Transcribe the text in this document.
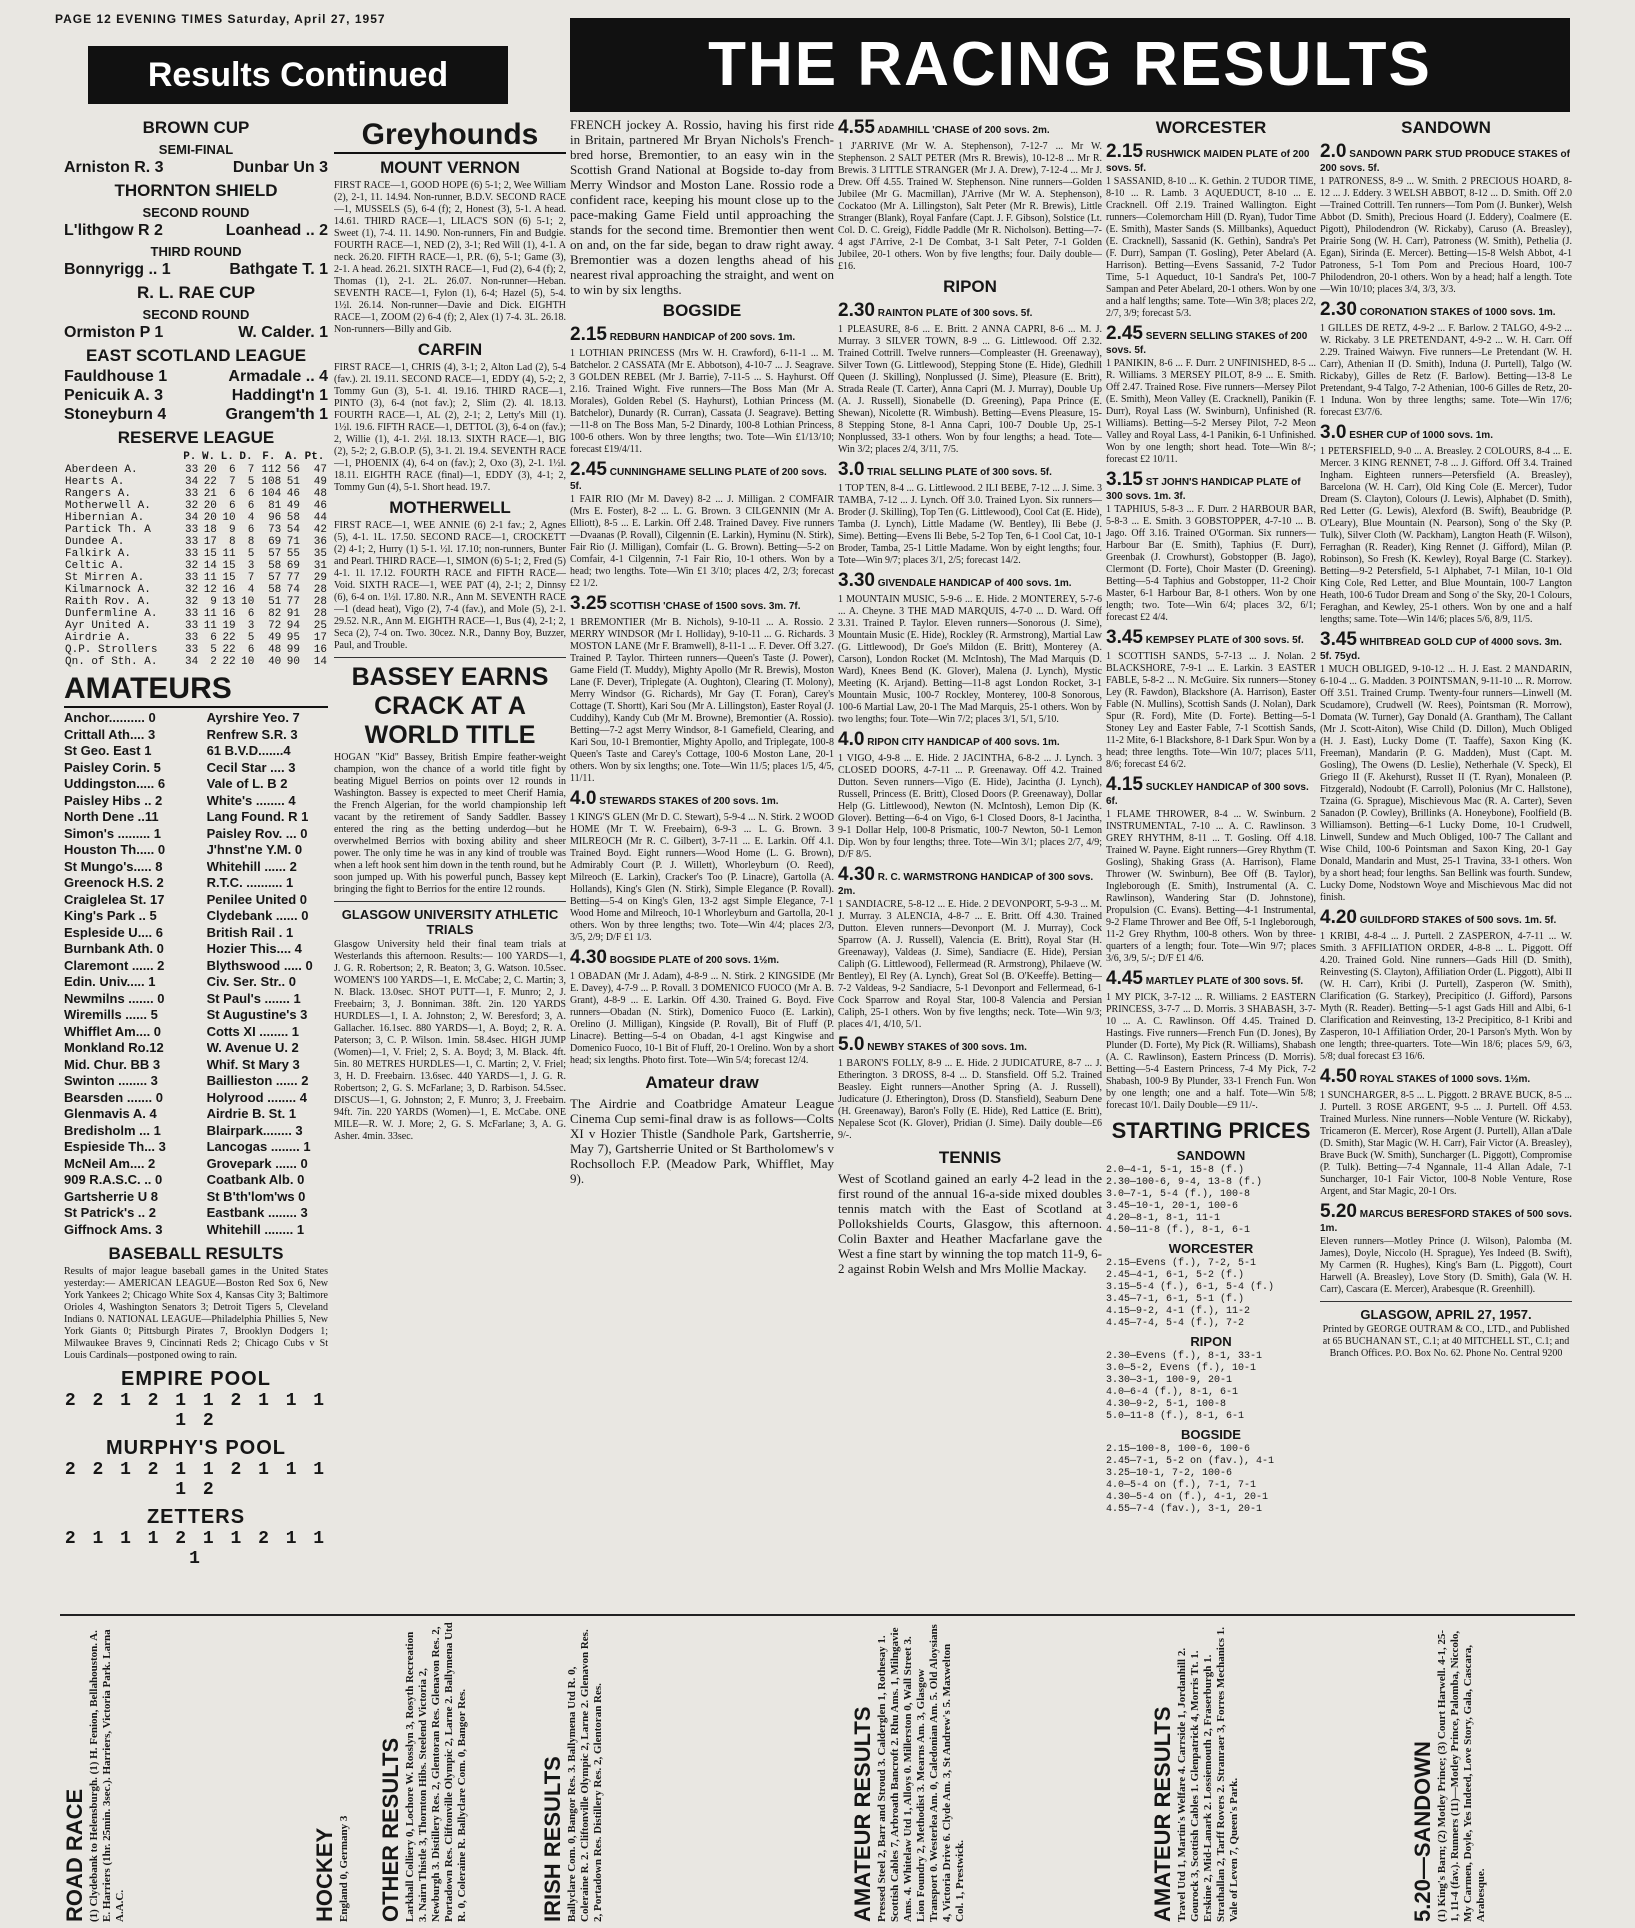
PAGE 12 EVENING TIMES Saturday, April 27, 1957
Results Continued	THE RACING RESULTS
BROWN CUP
SEMI-FINAL
Arniston R. 3	Dunbar Un 3
THORNTON SHIELD
SECOND ROUND
L'lithgow R 2	Loanhead .. 2
THIRD ROUND
Bonnyrigg .. 1	Bathgate T. 1
R. L. RAE CUP
SECOND ROUND
Ormiston P 1	W. Calder. 1
EAST SCOTLAND LEAGUE
Fauldhouse 1	Armadale .. 4
Penicuik A. 3	Haddingt'n 1
Stoneyburn 4	Grangem'th 1
RESERVE LEAGUE
	P.	W.	L.	D.	F.	A.	Pt.
Aberdeen A.	33	20	6	7	112	56	47
Hearts A.	34	22	7	5	108	51	49
Rangers A.	33	21	6	6	104	46	48
Motherwell A.	32	20	6	6	81	49	46
Hibernian A.	34	20	10	4	96	58	44
Partick Th. A	33	18	9	6	73	54	42
Dundee A.	33	17	8	8	69	71	36
Falkirk A.	33	15	11	5	57	55	35
Celtic A.	32	14	15	3	58	69	31
St Mirren A.	33	11	15	7	57	77	29
Kilmarnock A.	32	12	16	4	58	74	28
Raith Rov. A.	32	9	13	10	51	77	28
Dunfermline A.	33	11	16	6	82	91	28
Ayr United A.	33	11	19	3	72	94	25
Airdrie A.	33	6	22	5	49	95	17
Q.P. Strollers	33	5	22	6	48	99	16
Qn. of Sth. A.	34	2	22	10	40	90	14
AMATEURS
Anchor.......... 0	Ayrshire Yeo. 7
Crittall Ath.... 3	Renfrew S.R. 3
St Geo. East 1	61 B.V.D.......4
Paisley Corin. 5	Cecil Star .... 3
Uddingston..... 6	Vale of L. B 2
Paisley Hibs .. 2	White's ........ 4
North Dene ..11	Lang Found. R 1
Simon's ......... 1	Paisley Rov. ... 0
Houston Th..... 0	J'hnst'ne Y.M. 0
St Mungo's..... 8	Whitehill ...... 2
Greenock H.S. 2	R.T.C. .......... 1
Craiglelea St. 17	Penilee United 0
King's Park .. 5	Clydebank ...... 0
Espleside U.... 6	British Rail . 1
Burnbank Ath. 0	Hozier This.... 4
Claremont ...... 2	Blythswood ..... 0
Edin. Univ..... 1	Civ. Ser. Str.. 0
Newmilns ....... 0	St Paul's ....... 1
Wiremills ...... 5	St Augustine's 3
Whifflet Am.... 0	Cotts XI ........ 1
Monkland Ro.12	W. Avenue U. 2
Mid. Chur. BB 3	Whif. St Mary 3
Swinton ........ 3	Baillieston ...... 2
Bearsden ....... 0	Holyrood ........ 4
Glenmavis A. 4	Airdrie B. St. 1
Bredisholm ... 1	Blairpark........ 3
Espieside Th... 3	Lancogas ........ 1
McNeil Am.... 2	Grovepark ...... 0
909 R.A.S.C. .. 0	Coatbank Alb. 0
Gartsherrie U 8	St B'th'lom'ws 0
St Patrick's .. 2	Eastbank ........ 3
Giffnock Ams. 3	Whitehill ........ 1
BASEBALL RESULTS
Results of major league baseball games in the United States yesterday:— AMERICAN LEAGUE—Boston Red Sox 6, New York Yankees 2; Chicago White Sox 4, Kansas City 3; Baltimore Orioles 4, Washington Senators 3; Detroit Tigers 5, Cleveland Indians 0. NATIONAL LEAGUE—Philadelphia Phillies 5, New York Giants 0; Pittsburgh Pirates 7, Brooklyn Dodgers 1; Milwaukee Braves 9, Cincinnati Reds 2; Chicago Cubs v St Louis Cardinals—postponed owing to rain.
EMPIRE POOL
2 2 1 2 1 1 2 1 1 1 1 2
MURPHY'S POOL
2 2 1 2 1 1 2 1 1 1 1 2
ZETTERS
2 1 1 1 2 1 1 2 1 1 1
Greyhounds
MOUNT VERNON
FIRST RACE—1, GOOD HOPE (6) 5-1; 2, Wee William (2), 2-1, 11. 14.94. Non-runner, B.D.V. SECOND RACE—1, MUSSELS (5), 6-4 (f); 2, Honest (3), 5-1. A head. 14.61. THIRD RACE—1, LILAC'S SON (6) 5-1; 2, Sweet (1), 7-4. 11. 14.90. Non-runners, Fin and Budgie. FOURTH RACE—1, NED (2), 3-1; Red Will (1), 4-1. A neck. 26.20. FIFTH RACE—1, P.R. (6), 5-1; Game (3), 2-1. A head. 26.21. SIXTH RACE—1, Fud (2), 6-4 (f); 2, Thomas (1), 2-1. 2L. 26.07. Non-runner—Heban. SEVENTH RACE—1, Fylon (1), 6-4; Hazel (5), 5-4. 1½l. 26.14. Non-runner—Davie and Dick. EIGHTH RACE—1, ZOOM (2) 6-4 (f); 2, Alex (1) 7-4. 3L. 26.18. Non-runners—Billy and Gib.
CARFIN
FIRST RACE—1, CHRIS (4), 3-1; 2, Alton Lad (2), 5-4 (fav.). 2l. 19.11. SECOND RACE—1, EDDY (4), 5-2; 2, Tommy Gun (3), 5-1. 4l. 19.16. THIRD RACE—1, PINTO (3), 6-4 (not fav.); 2, Slim (2). 4l. 18.13. FOURTH RACE—1, AL (2), 2-1; 2, Letty's Mill (1). 1½l. 19.6. FIFTH RACE—1, DETTOL (3), 6-4 on (fav.); 2, Willie (1), 4-1. 2½l. 18.13. SIXTH RACE—1, BIG (2), 5-2; 2, G.B.O.P. (5), 3-1. 2l. 19.4. SEVENTH RACE—1, PHOENIX (4), 6-4 on (fav.); 2, Oxo (3), 2-1. 1½l. 18.11. EIGHTH RACE (final)—1, EDDY (3), 4-1; 2, Tommy Gun (4), 5-1. Short head. 19.7.
MOTHERWELL
FIRST RACE—1, WEE ANNIE (6) 2-1 fav.; 2, Agnes (5), 4-1. 1L. 17.50. SECOND RACE—1, CROCKETT (2) 4-1; 2, Hurry (1) 5-1. ½l. 17.10; non-runners, Bunter and Pearl. THIRD RACE—1, SIMON (6) 5-1; 2, Fred (5) 4-1. 1l. 17.12. FOURTH RACE and FIFTH RACE—Void. SIXTH RACE—1, WEE PAT (4), 2-1; 2, Dinnsy (6), 6-4 on. 1½l. 17.80. N.R., Ann M. SEVENTH RACE—1 (dead heat), Vigo (2), 7-4 (fav.), and Mole (5), 2-1. 29.52. N.R., Ann M. EIGHTH RACE—1, Bus (4), 2-1; 2, Seca (2), 7-4 on. Two. 30cez. N.R., Danny Boy, Buzzer, Paul, and Trouble.
BASSEY EARNS CRACK AT A WORLD TITLE
HOGAN "Kid" Bassey, British Empire feather-weight champion, won the chance of a world title fight by beating Miguel Berrios on points over 12 rounds in Washington. Bassey is expected to meet Cherif Hamia, the French Algerian, for the world championship left vacant by the retirement of Sandy Saddler. Bassey entered the ring as the betting underdog—but he overwhelmed Berrios with boxing ability and sheer power. The only time he was in any kind of trouble was when a left hook sent him down in the tenth round, but he soon jumped up. With his powerful punch, Bassey kept bringing the fight to Berrios for the entire 12 rounds.
GLASGOW UNIVERSITY ATHLETIC TRIALS
Glasgow University held their final team trials at Westerlands this afternoon. Results:— 100 YARDS—1, J. G. R. Robertson; 2, R. Beaton; 3, G. Watson. 10.5sec. WOMEN'S 100 YARDS—1, E. McCabe; 2, C. Martin; 3, N. Black. 13.0sec. SHOT PUTT—1, F. Munro; 2, J. Freebairn; 3, J. Bonniman. 38ft. 2in. 120 YARDS HURDLES—1, I. A. Johnston; 2, W. Beresford; 3, A. Gallacher. 16.1sec. 880 YARDS—1, A. Boyd; 2, R. A. Paterson; 3, C. P. Wilson. 1min. 58.4sec. HIGH JUMP (Women)—1, V. Friel; 2, S. A. Boyd; 3, M. Black. 4ft. 5in. 80 METRES HURDLES—1, C. Martin; 2, V. Friel; 3, H. D. Freebairn. 13.6sec. 440 YARDS—1, J. G. R. Robertson; 2, G. S. McFarlane; 3, D. Rarbison. 54.5sec. DISCUS—1, G. Johnston; 2, F. Munro; 3, J. Freebairn. 94ft. 7in. 220 YARDS (Women)—1, E. McCabe. ONE MILE—R. W. J. More; 2, G. S. McFarlane; 3, A. G. Asher. 4min. 33sec.
FRENCH jockey A. Rossio, having his first ride in Britain, partnered Mr Bryan Nichols's French-bred horse, Bremontier, to an easy win in the Scottish Grand National at Bogside to-day from Merry Windsor and Moston Lane. Rossio rode a confident race, keeping his mount close up to the pace-making Game Field until approaching the stands for the second time. Bremontier then went on and, on the far side, began to draw right away. Bremontier was a dozen lengths ahead of his nearest rival approaching the straight, and went on to win by six lengths.
BOGSIDE
2.15 REDBURN HANDICAP of 200 sovs. 1m.
1 LOTHIAN PRINCESS (Mrs W. H. Crawford), 6-11-1 ... M. Batchelor. 2 CASSATA (Mr E. Abbotson), 4-10-7 ... J. Seagrave. 3 GOLDEN REBEL (Mr J. Barrie), 7-11-5 ... S. Hayhurst. Off 2.16. Trained Wight. Five runners—The Boss Man (Mr A. Morales), Golden Rebel (S. Hayhurst), Lothian Princess (M. Batchelor), Dunardy (R. Curran), Cassata (J. Seagrave). Betting—11-8 on The Boss Man, 5-2 Dinardy, 100-8 Lothian Princess, 100-6 others. Won by three lengths; two. Tote—Win £1/13/10; forecast £19/4/11.
2.45 CUNNINGHAME SELLING PLATE of 200 sovs. 5f.
1 FAIR RIO (Mr M. Davey) 8-2 ... J. Milligan. 2 COMFAIR (Mrs E. Foster), 8-2 ... L. G. Brown. 3 CILGENNIN (Mr A. Elliott), 8-5 ... E. Larkin. Off 2.48. Trained Davey. Five runners—Dvaanas (P. Rovall), Cilgennin (E. Larkin), Hyminu (N. Stirk), Fair Rio (J. Milligan), Comfair (L. G. Brown). Betting—5-2 on Comfair, 4-1 Cilgennin, 7-1 Fair Rio, 10-1 others. Won by a head; two lengths. Tote—Win £1 3/10; places 4/2, 2/3; forecast £2 1/2.
3.25 SCOTTISH 'CHASE of 1500 sovs. 3m. 7f.
1 BREMONTIER (Mr B. Nichols), 9-10-11 ... A. Rossio. 2 MERRY WINDSOR (Mr I. Holliday), 9-10-11 ... G. Richards. 3 MOSTON LANE (Mr F. Bramwell), 8-11-1 ... F. Dever. Off 3.27. Trained P. Taylor. Thirteen runners—Queen's Taste (J. Power), Game Field (T. Muddy), Mighty Apollo (Mr R. Brewis), Moston Lane (F. Dever), Triplegate (A. Oughton), Clearing (T. Molony), Merry Windsor (G. Richards), Mr Gay (T. Foran), Carey's Cottage (T. Shortt), Kari Sou (Mr A. Lillingston), Easter Royal (J. Cuddihy), Kandy Cub (Mr M. Browne), Bremontier (A. Rossio). Betting—7-2 agst Merry Windsor, 8-1 Gamefield, Clearing, and Kari Sou, 10-1 Bremontier, Mighty Apollo, and Triplegate, 100-8 Queen's Taste and Carey's Cottage, 100-6 Moston Lane, 20-1 others. Won by six lengths; one. Tote—Win 11/5; places 1/5, 4/5, 11/11.
4.0 STEWARDS STAKES of 200 sovs. 1m.
1 KING'S GLEN (Mr D. C. Stewart), 5-9-4 ... N. Stirk. 2 WOOD HOME (Mr T. W. Freebairn), 6-9-3 ... L. G. Brown. 3 MILREOCH (Mr R. C. Gilbert), 3-7-11 ... E. Larkin. Off 4.1. Trained Boyd. Eight runners—Wood Home (L. G. Brown), Admirably Court (P. J. Willett), Whorleyburn (O. Reed), Milreoch (E. Larkin), Cracker's Too (P. Linacre), Gartolla (A. Hollands), King's Glen (N. Stirk), Simple Elegance (P. Rovall). Betting—5-4 on King's Glen, 13-2 agst Simple Elegance, 7-1 Wood Home and Milreoch, 10-1 Whorleyburn and Gartolla, 20-1 others. Won by three lengths; two. Tote—Win 4/4; places 2/3, 3/5, 2/9; D/F £1 1/3.
4.30 BOGSIDE PLATE of 200 sovs. 1½m.
1 OBADAN (Mr J. Adam), 4-8-9 ... N. Stirk. 2 KINGSIDE (Mr E. Davey), 4-7-9 ... P. Rovall. 3 DOMENICO FUOCO (Mr A. B. Grant), 4-8-9 ... E. Larkin. Off 4.30. Trained G. Boyd. Five runners—Obadan (N. Stirk), Domenico Fuoco (E. Larkin), Orelino (J. Milligan), Kingside (P. Rovall), Bit of Fluff (P. Linacre). Betting—5-4 on Obadan, 4-1 agst Kingwise and Domenico Fuoco, 10-1 Bit of Fluff, 20-1 Orelino. Won by a short head; six lengths. Photo first. Tote—Win 5/4; forecast 12/4.
Amateur draw
The Airdrie and Coatbridge Amateur League Cinema Cup semi-final draw is as follows—Colts XI v Hozier Thistle (Sandhole Park, Gartsherrie, May 7), Gartsherrie United or St Bartholomew's v Rochsolloch F.P. (Meadow Park, Whifflet, May 9).
4.55 ADAMHILL 'CHASE of 200 sovs. 2m.
1 J'ARRIVE (Mr W. A. Stephenson), 7-12-7 ... Mr W. Stephenson. 2 SALT PETER (Mrs R. Brewis), 10-12-8 ... Mr R. Brewis. 3 LITTLE STRANGER (Mr J. A. Drew), 7-12-4 ... Mr J. Drew. Off 4.55. Trained W. Stephenson. Nine runners—Golden Jubilee (Mr G. Macmillan), J'Arrive (Mr W. A. Stephenson), Cockatoo (Mr A. Lillingston), Salt Peter (Mr R. Brewis), Little Stranger (Blank), Royal Fanfare (Capt. J. F. Gibson), Solstice (Lt. Col. D. C. Greig), Fiddle Paddle (Mr R. Nicholson). Betting—7-4 agst J'Arrive, 2-1 De Combat, 3-1 Salt Peter, 7-1 Golden Jubilee, 20-1 others. Won by five lengths; four. Daily double—£16.
RIPON
2.30 RAINTON PLATE of 300 sovs. 5f.
1 PLEASURE, 8-6 ... E. Britt. 2 ANNA CAPRI, 8-6 ... M. J. Murray. 3 SILVER TOWN, 8-9 ... G. Littlewood. Off 2.32. Trained Cottrill. Twelve runners—Compleaster (H. Greenaway), Silver Town (G. Littlewood), Stepping Stone (E. Hide), Gledhill Queen (J. Skilling), Nonplussed (J. Sime), Pleasure (E. Britt), Strada Reale (T. Carter), Anna Capri (M. J. Murray), Double Up (A. J. Russell), Sionabelle (D. Greening), Papa Prince (E. Shewan), Nicolette (R. Wimbush). Betting—Evens Pleasure, 15-8 Stepping Stone, 8-1 Anna Capri, 100-7 Double Up, 25-1 Nonplussed, 33-1 others. Won by four lengths; a head. Tote—Win 3/2; places 2/4, 3/11, 7/5.
3.0 TRIAL SELLING PLATE of 300 sovs. 5f.
1 TOP TEN, 8-4 ... G. Littlewood. 2 ILI BEBE, 7-12 ... J. Sime. 3 TAMBA, 7-12 ... J. Lynch. Off 3.0. Trained Lyon. Six runners—Broder (J. Skilling), Top Ten (G. Littlewood), Cool Cat (E. Hide), Tamba (J. Lynch), Little Madame (W. Bentley), Ili Bebe (J. Sime). Betting—Evens Ili Bebe, 5-2 Top Ten, 6-1 Cool Cat, 10-1 Broder, Tamba, 25-1 Little Madame. Won by eight lengths; four. Tote—Win 9/7; places 3/1, 2/5; forecast 14/2.
3.30 GIVENDALE HANDICAP of 400 sovs. 1m.
1 MOUNTAIN MUSIC, 5-9-6 ... E. Hide. 2 MONTEREY, 5-7-6 ... A. Cheyne. 3 THE MAD MARQUIS, 4-7-0 ... D. Ward. Off 3.31. Trained P. Taylor. Eleven runners—Sonorous (J. Sime), Mountain Music (E. Hide), Rockley (R. Armstrong), Martial Law (G. Littlewood), Dr Goe's Mildon (E. Britt), Monterey (A. Carson), London Rocket (M. McIntosh), The Mad Marquis (D. Ward), Knees Bend (K. Glover), Malena (J. Lynch), Mystic Meeting (K. Arjand). Betting—11-8 agst London Rocket, 3-1 Mountain Music, 100-7 Rockley, Monterey, 100-8 Sonorous, 100-6 Martial Law, 20-1 The Mad Marquis, 25-1 others. Won by two lengths; four. Tote—Win 7/2; places 3/1, 5/1, 5/10.
4.0 RIPON CITY HANDICAP of 400 sovs. 1m.
1 VIGO, 4-9-8 ... E. Hide. 2 JACINTHA, 6-8-2 ... J. Lynch. 3 CLOSED DOORS, 4-7-11 ... P. Greenaway. Off 4.2. Trained Dutton. Seven runners—Vigo (E. Hide), Jacintha (J. Lynch), Russell, Princess (E. Britt), Closed Doors (P. Greenaway), Dollar Help (G. Littlewood), Newton (N. McIntosh), Lemon Dip (K. Glover). Betting—6-4 on Vigo, 6-1 Closed Doors, 8-1 Jacintha, 9-1 Dollar Help, 100-8 Prismatic, 100-7 Newton, 50-1 Lemon Dip. Won by four lengths; three. Tote—Win 3/1; places 2/7, 4/9; D/F 8/5.
4.30 R. C. WARMSTRONG HANDICAP of 300 sovs. 2m.
1 SANDIACRE, 5-8-12 ... E. Hide. 2 DEVONPORT, 5-9-3 ... M. J. Murray. 3 ALENCIA, 4-8-7 ... E. Britt. Off 4.30. Trained Dutton. Eleven runners—Devonport (M. J. Murray), Cock Sparrow (A. J. Russell), Valencia (E. Britt), Royal Star (H. Greenaway), Valdeas (J. Sime), Sandiacre (E. Hide), Persian Caliph (G. Littlewood), Fellermead (R. Armstrong), Philaeve (W. Bentley), El Rey (A. Lynch), Great Sol (B. O'Keeffe). Betting—7-2 Valdeas, 9-2 Sandiacre, 5-1 Devonport and Fellermead, 6-1 Cock Sparrow and Royal Star, 100-8 Valencia and Persian Caliph, 25-1 others. Won by five lengths; neck. Tote—Win 9/3; places 4/1, 4/10, 5/1.
5.0 NEWBY STAKES of 300 sovs. 1m.
1 BARON'S FOLLY, 8-9 ... E. Hide. 2 JUDICATURE, 8-7 ... J. Etherington. 3 DROSS, 8-4 ... D. Stansfield. Off 5.2. Trained Beasley. Eight runners—Another Spring (A. J. Russell), Judicature (J. Etherington), Dross (D. Stansfield), Seaburn Dene (H. Greenaway), Baron's Folly (E. Hide), Red Lattice (E. Britt), Nepalese Scot (K. Glover), Pridian (J. Sime). Daily double—£6 9/-.
TENNIS
West of Scotland gained an early 4-2 lead in the first round of the annual 16-a-side mixed doubles tennis match with the East of Scotland at Pollokshields Courts, Glasgow, this afternoon. Colin Baxter and Heather Macfarlane gave the West a fine start by winning the top match 11-9, 6-2 against Robin Welsh and Mrs Mollie Mackay.
WORCESTER
2.15 RUSHWICK MAIDEN PLATE of 200 sovs. 5f.
1 SASSANID, 8-10 ... K. Gethin. 2 TUDOR TIME, 8-10 ... R. Lamb. 3 AQUEDUCT, 8-10 ... E. Cracknell. Off 2.19. Trained Wallington. Eight runners—Colemorcham Hill (D. Ryan), Tudor Time (E. Smith), Master Sands (S. Millbanks), Aqueduct (E. Cracknell), Sassanid (K. Gethin), Sandra's Pet (F. Durr), Sampan (T. Gosling), Peter Abelard (A. Harrison). Betting—Evens Sassanid, 7-2 Tudor Time, 5-1 Aqueduct, 10-1 Sandra's Pet, 100-7 Sampan and Peter Abelard, 20-1 others. Won by one and a half lengths; same. Tote—Win 3/8; places 2/2, 2/7, 3/9; forecast 5/3.
2.45 SEVERN SELLING STAKES of 200 sovs. 5f.
1 PANIKIN, 8-6 ... F. Durr. 2 UNFINISHED, 8-5 ... R. Williams. 3 MERSEY PILOT, 8-9 ... E. Smith. Off 2.47. Trained Rose. Five runners—Mersey Pilot (E. Smith), Meon Valley (E. Cracknell), Panikin (F. Durr), Royal Lass (W. Swinburn), Unfinished (R. Williams). Betting—5-2 Mersey Pilot, 7-2 Meon Valley and Royal Lass, 4-1 Panikin, 6-1 Unfinished. Won by one length; short head. Tote—Win 8/-; forecast £2 10/11.
3.15 ST JOHN'S HANDICAP PLATE of 300 sovs. 1m. 3f.
1 TAPHIUS, 5-8-3 ... F. Durr. 2 HARBOUR BAR, 5-8-3 ... E. Smith. 3 GOBSTOPPER, 4-7-10 ... B. Jago. Off 3.16. Trained O'Gorman. Six runners—Harbour Bar (E. Smith), Taphius (F. Durr), Greenbak (J. Crowhurst), Gobstopper (B. Jago), Clermont (D. Forte), Choir Master (D. Greening). Betting—5-4 Taphius and Gobstopper, 11-2 Choir Master, 6-1 Harbour Bar, 8-1 others. Won by one length; two. Tote—Win 6/4; places 3/2, 6/1; forecast £2 4/4.
3.45 KEMPSEY PLATE of 300 sovs. 5f.
1 SCOTTISH SANDS, 5-7-13 ... J. Nolan. 2 BLACKSHORE, 7-9-1 ... E. Larkin. 3 EASTER FABLE, 5-8-2 ... N. McGuire. Six runners—Stoney Ley (R. Fawdon), Blackshore (A. Harrison), Easter Fable (N. Mullins), Scottish Sands (J. Nolan), Dark Spur (R. Ford), Mite (D. Forte). Betting—5-1 Stoney Ley and Easter Fable, 7-1 Scottish Sands, 11-2 Mite, 6-1 Blackshore, 8-1 Dark Spur. Won by a head; three lengths. Tote—Win 10/7; places 5/11, 8/6; forecast £4 6/2.
4.15 SUCKLEY HANDICAP of 300 sovs. 6f.
1 FLAME THROWER, 8-4 ... W. Swinburn. 2 INSTRUMENTAL, 7-10 ... A. C. Rawlinson. 3 GREY RHYTHM, 8-11 ... T. Gosling. Off 4.18. Trained W. Payne. Eight runners—Grey Rhythm (T. Gosling), Shaking Grass (A. Harrison), Flame Thrower (W. Swinburn), Bee Off (B. Taylor), Ingleborough (E. Smith), Instrumental (A. C. Rawlinson), Wandering Star (D. Johnstone), Propulsion (C. Evans). Betting—4-1 Instrumental, 9-2 Flame Thrower and Bee Off, 5-1 Ingleborough, 11-2 Grey Rhythm, 100-8 others. Won by three-quarters of a length; four. Tote—Win 9/7; places 3/6, 3/9, 5/-; D/F £1 4/6.
4.45 MARTLEY PLATE of 300 sovs. 5f.
1 MY PICK, 3-7-12 ... R. Williams. 2 EASTERN PRINCESS, 3-7-7 ... D. Morris. 3 SHABASH, 3-7-10 ... A. C. Rawlinson. Off 4.45. Trained D. Hastings. Five runners—French Fun (D. Jones), By Plunder (D. Forte), My Pick (R. Williams), Shabash (A. C. Rawlinson), Eastern Princess (D. Morris). Betting—5-4 Eastern Princess, 7-4 My Pick, 7-2 Shabash, 100-9 By Plunder, 33-1 French Fun. Won by one length; one and a half. Tote—Win 5/8; forecast 10/1. Daily Double—£9 11/-.
STARTING PRICES
SANDOWN
2.0—4-1, 5-1, 15-8 (f.)
2.30—100-6, 9-4, 13-8 (f.)
3.0—7-1, 5-4 (f.), 100-8
3.45—10-1, 20-1, 100-6
4.20—8-1, 8-1, 11-1
4.50—11-8 (f.), 8-1, 6-1
WORCESTER
2.15—Evens (f.), 7-2, 5-1
2.45—4-1, 6-1, 5-2 (f.)
3.15—5-4 (f.), 6-1, 5-4 (f.)
3.45—7-1, 6-1, 5-1 (f.)
4.15—9-2, 4-1 (f.), 11-2
4.45—7-4, 5-4 (f.), 7-2
RIPON
2.30—Evens (f.), 8-1, 33-1
3.0—5-2, Evens (f.), 10-1
3.30—3-1, 100-9, 20-1
4.0—6-4 (f.), 8-1, 6-1
4.30—9-2, 5-1, 100-8
5.0—11-8 (f.), 8-1, 6-1
BOGSIDE
2.15—100-8, 100-6, 100-6
2.45—7-1, 5-2 on (fav.), 4-1
3.25—10-1, 7-2, 100-6
4.0—5-4 on (f.), 7-1, 7-1
4.30—5-4 on (f.), 4-1, 20-1
4.55—7-4 (fav.), 3-1, 20-1
SANDOWN
2.0 SANDOWN PARK STUD PRODUCE STAKES of 200 sovs. 5f.
1 PATRONESS, 8-9 ... W. Smith. 2 PRECIOUS HOARD, 8-12 ... J. Eddery. 3 WELSH ABBOT, 8-12 ... D. Smith. Off 2.0—Trained Cottrill. Ten runners—Tom Pom (J. Bunker), Welsh Abbot (D. Smith), Precious Hoard (J. Eddery), Coalmere (E. Pigott), Philodendron (W. Rickaby), Caruso (A. Breasley), Prairie Song (W. H. Carr), Patroness (W. Smith), Pethelia (J. Egan), Sirinda (E. Mercer). Betting—15-8 Welsh Abbot, 4-1 Patroness, 5-1 Tom Pom and Precious Hoard, 100-7 Philodendron, 20-1 others. Won by a head; half a length. Tote—Win 10/10; places 3/4, 3/3, 3/3.
2.30 CORONATION STAKES of 1000 sovs. 1m.
1 GILLES DE RETZ, 4-9-2 ... F. Barlow. 2 TALGO, 4-9-2 ... W. Rickaby. 3 LE PRETENDANT, 4-9-2 ... W. H. Carr. Off 2.29. Trained Waiwyn. Five runners—Le Pretendant (W. H. Carr), Athenian II (D. Smith), Induna (J. Purtell), Talgo (W. Rickaby), Gilles de Retz (F. Barlow). Betting—13-8 Le Pretendant, 9-4 Talgo, 7-2 Athenian, 100-6 Gilles de Retz, 20-1 Induna. Won by three lengths; same. Tote—Win 17/6; forecast £3/7/6.
3.0 ESHER CUP of 1000 sovs. 1m.
1 PETERSFIELD, 9-0 ... A. Breasley. 2 COLOURS, 8-4 ... E. Mercer. 3 KING RENNET, 7-8 ... J. Gifford. Off 3.4. Trained Ingham. Eighteen runners—Petersfield (A. Breasley), Barcelona (W. H. Carr), Old King Cole (E. Mercer), Tudor Dream (S. Clayton), Colours (J. Lewis), Alphabet (D. Smith), Red Letter (G. Lewis), Alexford (B. Swift), Beaubridge (P. O'Leary), Blue Mountain (N. Pearson), Song o' the Sky (P. Tulk), Silver Cloth (W. Packham), Langton Heath (F. Wilson), Ferraghan (R. Reader), King Rennet (J. Gifford), Milan (P. Robinson), So Fresh (K. Kewley), Royal Barge (C. Starkey). Betting—9-2 Petersfield, 5-1 Alphabet, 7-1 Milan, 10-1 Old King Cole, Red Letter, and Blue Mountain, 100-7 Langton Heath, 100-6 Tudor Dream and Song o' the Sky, 20-1 Colours, Feraghan, and Kewley, 25-1 others. Won by one and a half lengths; same. Tote—Win 14/6; places 5/6, 8/9, 11/5.
3.45 WHITBREAD GOLD CUP of 4000 sovs. 3m. 5f. 75yd.
1 MUCH OBLIGED, 9-10-12 ... H. J. East. 2 MANDARIN, 6-10-4 ... G. Madden. 3 POINTSMAN, 9-11-10 ... R. Morrow. Off 3.51. Trained Crump. Twenty-four runners—Linwell (M. Scudamore), Crudwell (W. Rees), Pointsman (R. Morrow), Domata (W. Turner), Gay Donald (A. Grantham), The Callant (Mr J. Scott-Aiton), Wise Child (D. Dillon), Much Obliged (H. J. East), Lucky Dome (T. Taaffe), Saxon King (K. Freeman), Mandarin (P. G. Madden), Must (Capt. M. Gosling), The Owens (D. Leslie), Netherhale (V. Speck), El Griego II (F. Akehurst), Russet II (T. Ryan), Monaleen (P. Fitzgerald), Nodoubt (F. Carroll), Polonius (Mr C. Hallstone), Tzaina (G. Sprague), Mischievous Mac (R. A. Carter), Seven Sanadon (P. Cowley), Brillinks (A. Honeybone), Foolfield (B. Williamson). Betting—6-1 Lucky Dome, 10-1 Crudwell, Linwell, Sundew and Much Obliged, 100-7 The Callant and Wise Child, 100-6 Pointsman and Saxon King, 20-1 Gay Donald, Mandarin and Must, 25-1 Travina, 33-1 others. Won by a short head; four lengths. San Bellink was fourth. Sundew, Lucky Dome, Nodstown Woye and Mischievous Mac did not finish.
4.20 GUILDFORD STAKES of 500 sovs. 1m. 5f.
1 KRIBI, 4-8-4 ... J. Purtell. 2 ZASPERON, 4-7-11 ... W. Smith. 3 AFFILIATION ORDER, 4-8-8 ... L. Piggott. Off 4.20. Trained Gold. Nine runners—Gads Hill (D. Smith), Reinvesting (S. Clayton), Affiliation Order (L. Piggott), Albi II (W. H. Carr), Kribi (J. Purtell), Zasperon (W. Smith), Clarification (G. Starkey), Precipitico (J. Gifford), Parsons Myth (R. Reader). Betting—5-1 agst Gads Hill and Albi, 6-1 Clarification and Reinvesting, 13-2 Precipitico, 8-1 Kribi and Zasperon, 10-1 Affiliation Order, 20-1 Parson's Myth. Won by one length; three-quarters. Tote—Win 18/6; places 5/9, 6/3, 5/8; dual forecast £3 16/6.
4.50 ROYAL STAKES of 1000 sovs. 1½m.
1 SUNCHARGER, 8-5 ... L. Piggott. 2 BRAVE BUCK, 8-5 ... J. Purtell. 3 ROSE ARGENT, 9-5 ... J. Purtell. Off 4.53. Trained Murless. Nine runners—Noble Venture (W. Rickaby), Tricameron (E. Mercer), Rose Argent (J. Purtell), Allan a'Dale (D. Smith), Star Magic (W. H. Carr), Fair Victor (A. Breasley), Brave Buck (W. Smith), Suncharger (L. Piggott), Compromise (P. Tulk). Betting—7-4 Ngannale, 11-4 Allan Adale, 7-1 Suncharger, 10-1 Fair Victor, 100-8 Noble Venture, Rose Argent, and Star Magic, 20-1 Ors.
5.20 MARCUS BERESFORD STAKES of 500 sovs. 1m.
Eleven runners—Motley Prince (J. Wilson), Palomba (M. James), Doyle, Niccolo (H. Sprague), Yes Indeed (B. Swift), My Carmen (R. Hughes), King's Barn (L. Piggott), Court Harwell (A. Breasley), Love Story (D. Smith), Gala (W. H. Carr), Cascara (E. Mercer), Arabesque (R. Greenhill).
GLASGOW, APRIL 27, 1957.
Printed by GEORGE OUTRAM & CO., LTD., and Published at 65 BUCHANAN ST., C.1; at 40 MITCHELL ST., C.1; and Branch Offices. P.O. Box No. 62. Phone No. Central 9200
ROAD RACE (1) Clydebank to Helensburgh. (1) H. Fenion, Bellahouston. A. E. Harriers (1hr. 25min. 3sec.). Harriers, Victoria Park. Larna A.A.C.	HOCKEY England 0, Germany 3 OTHER RESULTS Larkhall Colliery 0, Lochore W. Rosslyn 3, Rosyth Recreation 3. Nairn Thistle 3, Thornton Hibs. Steelend Victoria 2, Newburgh 3. Distillery Res. 2, Glentoran Res. Glenavon Res. 2, Portadown Res. Cliftonville Olympic 2, Larne 2. Ballymena Utd R. 0, Coleraine R. Ballyclare Com. 0, Bangor Res.	IRISH RESULTS Ballyclare Com. 0, Bangor Res. 3. Ballymena Utd R. 0, Coleraine R. 2. Cliftonville Olympic 2, Larne 2. Glenavon Res. 2, Portadown Res. Distillery Res. 2, Glentoran Res.	AMATEUR RESULTS Pressed Steel 2, Barr and Stroud 3. Calderglen 1, Rothesay 1. Scottish Cables 7, Arbroath Bancroft 2. Rhu Ams. 1, Milngavie Ams. 4. Whitelaw Utd 1, Alloys 0. Millerston 0, Wall Street 3. Lion Foundry 2, Methodist 3. Mearns Am. 3, Glasgow Transport 0. Westerlea Am. 0, Caledonian Am. 5. Old Aloysians 4, Victoria Drive 6. Clyde Am. 3, St Andrew's 5. Maxwelton Col. 1, Prestwick.	AMATEUR RESULTS Travel Utd 1, Martin's Welfare 4. Carrside 1, Jordanhill 2. Gourock 3, Scottish Cables 1. Glenpatrick 4, Morris Tt. 1. Erskine 2, Mid-Lanark 2. Lossiemouth 2, Fraserburgh 1. Strathallan 2, Tarff Rovers 2. Stranraer 3, Forres Mechanics 1. Vale of Leven 7, Queen's Park.	5.20—SANDOWN (1) King's Barn; (2) Motley Prince; (3) Court Harwell. 4-1, 25-1, 11-4 (fav.). Runners (11)—Motley Prince, Palomba, Niccolo, My Carmen, Doyle, Yes Indeed, Love Story, Gala, Cascara, Arabesque.
